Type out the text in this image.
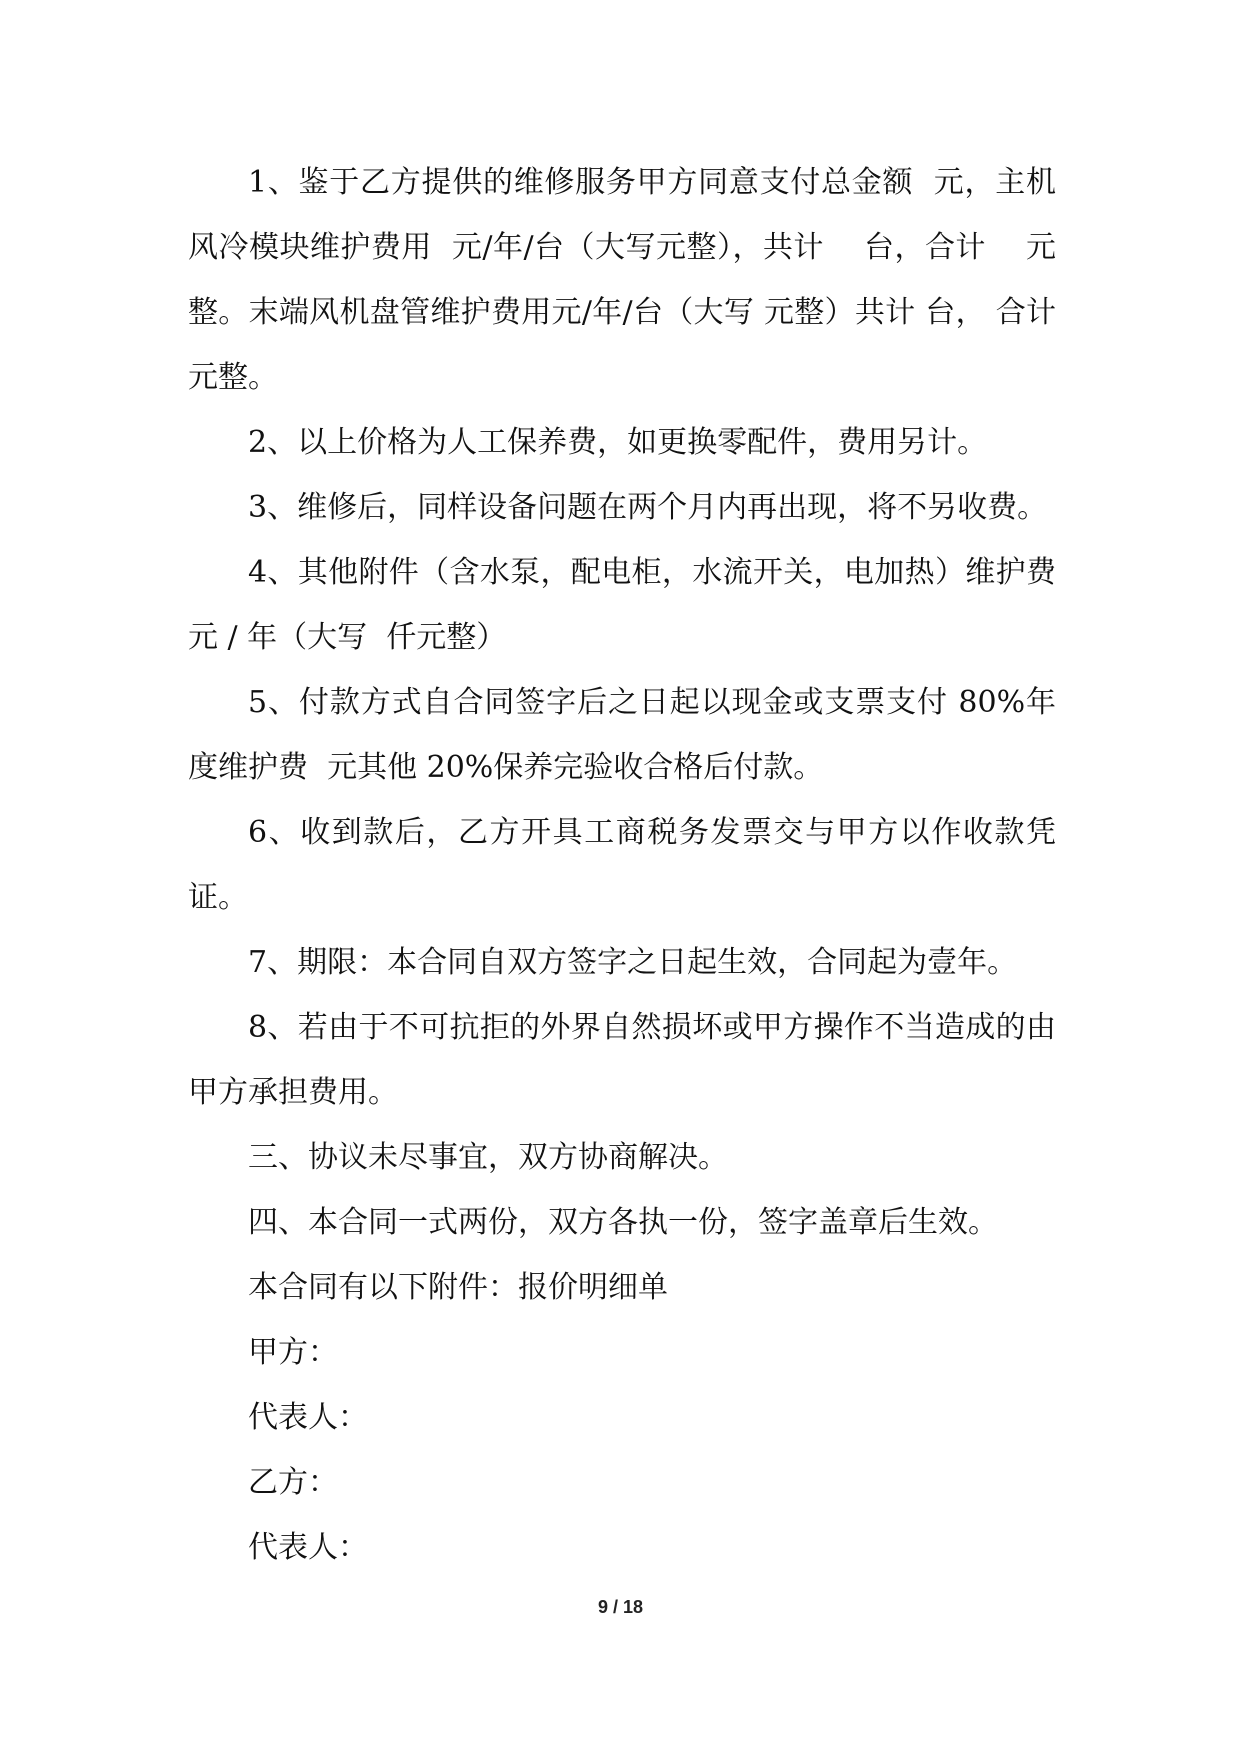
1、鉴于乙方提供的维修服务甲方同意支付总金额  元，主机风冷模块维护费用  元/年/台（大写元整），共计    台，合计    元整。末端风机盘管维护费用元/年/台（大写 元整）共计 台， 合计  元整。

2、以上价格为人工保养费，如更换零配件，费用另计。

3、维修后，同样设备问题在两个月内再出现，将不另收费。

4、其他附件（含水泵，配电柜，水流开关，电加热）维护费元 / 年（大写  仟元整）

5、付款方式自合同签字后之日起以现金或支票支付 80%年度维护费  元其他 20%保养完验收合格后付款。

6、收到款后，乙方开具工商税务发票交与甲方以作收款凭证。

7、期限：本合同自双方签字之日起生效，合同起为壹年。

8、若由于不可抗拒的外界自然损坏或甲方操作不当造成的由甲方承担费用。

三、协议未尽事宜，双方协商解决。

四、本合同一式两份，双方各执一份，签字盖章后生效。

本合同有以下附件：报价明细单

甲方：

代表人：

乙方：

代表人：

9 / 18
